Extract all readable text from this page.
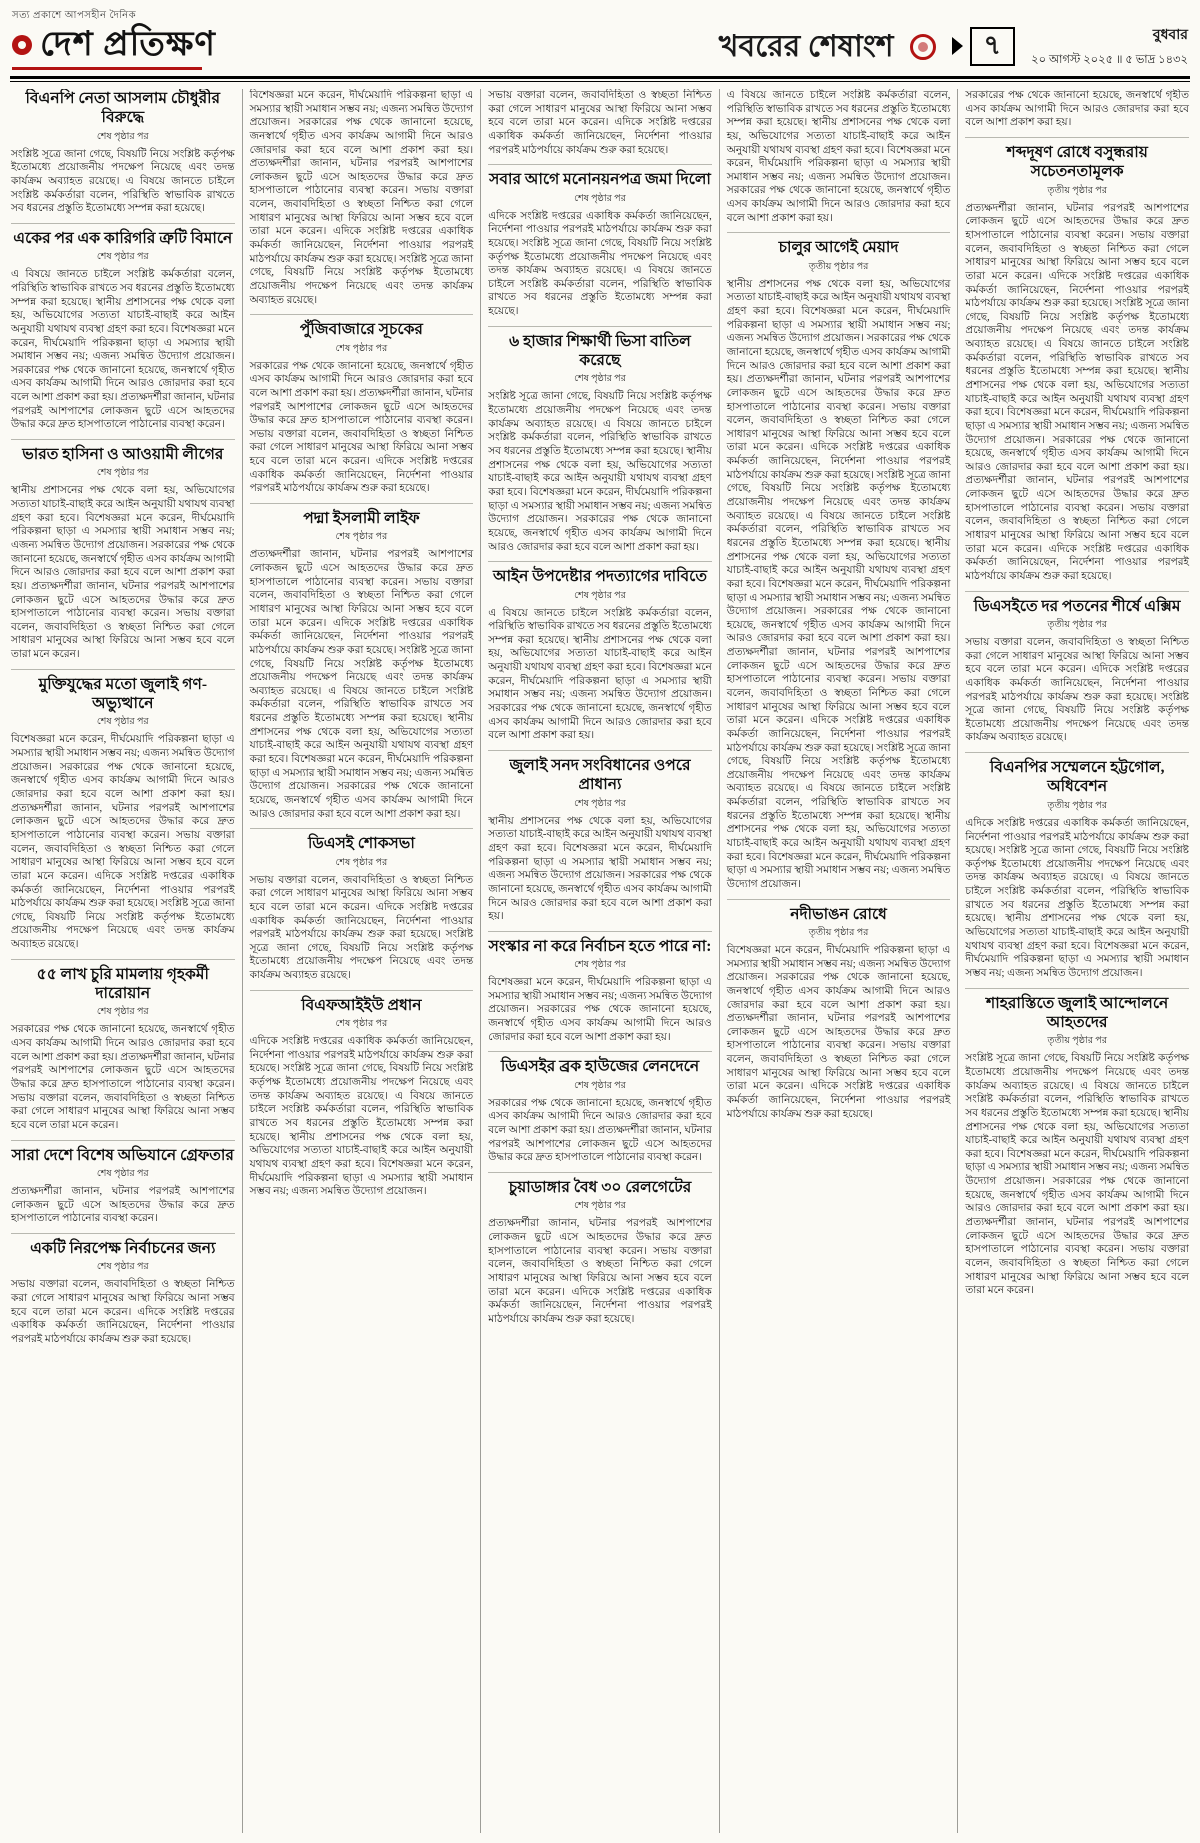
সত্য প্রকাশে আপসহীন দৈনিক
দেশ প্রতিক্ষণ	খবরের শেষাংশ	৭	বুধবার
২০ আগস্ট ২০২৫ ॥ ৫ ভাদ্র ১৪৩২
বিএনপি নেতা আসলাম চৌধুরীর বিরুদ্ধে
শেষ পৃষ্ঠার পর

সংশ্লিষ্ট সূত্রে জানা গেছে, বিষয়টি নিয়ে সংশ্লিষ্ট কর্তৃপক্ষ ইতোমধ্যে প্রয়োজনীয় পদক্ষেপ নিয়েছে এবং তদন্ত কার্যক্রম অব্যাহত রয়েছে। এ বিষয়ে জানতে চাইলে সংশ্লিষ্ট কর্মকর্তারা বলেন, পরিস্থিতি স্বাভাবিক রাখতে সব ধরনের প্রস্তুতি ইতোমধ্যে সম্পন্ন করা হয়েছে।

একের পর এক কারিগরি ত্রুটি বিমানে
শেষ পৃষ্ঠার পর

এ বিষয়ে জানতে চাইলে সংশ্লিষ্ট কর্মকর্তারা বলেন, পরিস্থিতি স্বাভাবিক রাখতে সব ধরনের প্রস্তুতি ইতোমধ্যে সম্পন্ন করা হয়েছে। স্থানীয় প্রশাসনের পক্ষ থেকে বলা হয়, অভিযোগের সত্যতা যাচাই-বাছাই করে আইন অনুযায়ী যথাযথ ব্যবস্থা গ্রহণ করা হবে। বিশেষজ্ঞরা মনে করেন, দীর্ঘমেয়াদি পরিকল্পনা ছাড়া এ সমস্যার স্থায়ী সমাধান সম্ভব নয়; এজন্য সমন্বিত উদ্যোগ প্রয়োজন। সরকারের পক্ষ থেকে জানানো হয়েছে, জনস্বার্থে গৃহীত এসব কার্যক্রম আগামী দিনে আরও জোরদার করা হবে বলে আশা প্রকাশ করা হয়। প্রত্যক্ষদর্শীরা জানান, ঘটনার পরপরই আশপাশের লোকজন ছুটে এসে আহতদের উদ্ধার করে দ্রুত হাসপাতালে পাঠানোর ব্যবস্থা করেন।

ভারত হাসিনা ও আওয়ামী লীগের
শেষ পৃষ্ঠার পর

স্থানীয় প্রশাসনের পক্ষ থেকে বলা হয়, অভিযোগের সত্যতা যাচাই-বাছাই করে আইন অনুযায়ী যথাযথ ব্যবস্থা গ্রহণ করা হবে। বিশেষজ্ঞরা মনে করেন, দীর্ঘমেয়াদি পরিকল্পনা ছাড়া এ সমস্যার স্থায়ী সমাধান সম্ভব নয়; এজন্য সমন্বিত উদ্যোগ প্রয়োজন। সরকারের পক্ষ থেকে জানানো হয়েছে, জনস্বার্থে গৃহীত এসব কার্যক্রম আগামী দিনে আরও জোরদার করা হবে বলে আশা প্রকাশ করা হয়। প্রত্যক্ষদর্শীরা জানান, ঘটনার পরপরই আশপাশের লোকজন ছুটে এসে আহতদের উদ্ধার করে দ্রুত হাসপাতালে পাঠানোর ব্যবস্থা করেন। সভায় বক্তারা বলেন, জবাবদিহিতা ও স্বচ্ছতা নিশ্চিত করা গেলে সাধারণ মানুষের আস্থা ফিরিয়ে আনা সম্ভব হবে বলে তারা মনে করেন।

মুক্তিযুদ্ধের মতো জুলাই গণ-অভ্যুত্থানে
শেষ পৃষ্ঠার পর

বিশেষজ্ঞরা মনে করেন, দীর্ঘমেয়াদি পরিকল্পনা ছাড়া এ সমস্যার স্থায়ী সমাধান সম্ভব নয়; এজন্য সমন্বিত উদ্যোগ প্রয়োজন। সরকারের পক্ষ থেকে জানানো হয়েছে, জনস্বার্থে গৃহীত এসব কার্যক্রম আগামী দিনে আরও জোরদার করা হবে বলে আশা প্রকাশ করা হয়। প্রত্যক্ষদর্শীরা জানান, ঘটনার পরপরই আশপাশের লোকজন ছুটে এসে আহতদের উদ্ধার করে দ্রুত হাসপাতালে পাঠানোর ব্যবস্থা করেন। সভায় বক্তারা বলেন, জবাবদিহিতা ও স্বচ্ছতা নিশ্চিত করা গেলে সাধারণ মানুষের আস্থা ফিরিয়ে আনা সম্ভব হবে বলে তারা মনে করেন। এদিকে সংশ্লিষ্ট দপ্তরের একাধিক কর্মকর্তা জানিয়েছেন, নির্দেশনা পাওয়ার পরপরই মাঠপর্যায়ে কার্যক্রম শুরু করা হয়েছে। সংশ্লিষ্ট সূত্রে জানা গেছে, বিষয়টি নিয়ে সংশ্লিষ্ট কর্তৃপক্ষ ইতোমধ্যে প্রয়োজনীয় পদক্ষেপ নিয়েছে এবং তদন্ত কার্যক্রম অব্যাহত রয়েছে।

৫৫ লাখ চুরি মামলায় গৃহকর্মী দারোয়ান
শেষ পৃষ্ঠার পর

সরকারের পক্ষ থেকে জানানো হয়েছে, জনস্বার্থে গৃহীত এসব কার্যক্রম আগামী দিনে আরও জোরদার করা হবে বলে আশা প্রকাশ করা হয়। প্রত্যক্ষদর্শীরা জানান, ঘটনার পরপরই আশপাশের লোকজন ছুটে এসে আহতদের উদ্ধার করে দ্রুত হাসপাতালে পাঠানোর ব্যবস্থা করেন। সভায় বক্তারা বলেন, জবাবদিহিতা ও স্বচ্ছতা নিশ্চিত করা গেলে সাধারণ মানুষের আস্থা ফিরিয়ে আনা সম্ভব হবে বলে তারা মনে করেন।

সারা দেশে বিশেষ অভিযানে গ্রেফতার
শেষ পৃষ্ঠার পর

প্রত্যক্ষদর্শীরা জানান, ঘটনার পরপরই আশপাশের লোকজন ছুটে এসে আহতদের উদ্ধার করে দ্রুত হাসপাতালে পাঠানোর ব্যবস্থা করেন।

একটি নিরপেক্ষ নির্বাচনের জন্য
শেষ পৃষ্ঠার পর

সভায় বক্তারা বলেন, জবাবদিহিতা ও স্বচ্ছতা নিশ্চিত করা গেলে সাধারণ মানুষের আস্থা ফিরিয়ে আনা সম্ভব হবে বলে তারা মনে করেন। এদিকে সংশ্লিষ্ট দপ্তরের একাধিক কর্মকর্তা জানিয়েছেন, নির্দেশনা পাওয়ার পরপরই মাঠপর্যায়ে কার্যক্রম শুরু করা হয়েছে।

বিশেষজ্ঞরা মনে করেন, দীর্ঘমেয়াদি পরিকল্পনা ছাড়া এ সমস্যার স্থায়ী সমাধান সম্ভব নয়; এজন্য সমন্বিত উদ্যোগ প্রয়োজন। সরকারের পক্ষ থেকে জানানো হয়েছে, জনস্বার্থে গৃহীত এসব কার্যক্রম আগামী দিনে আরও জোরদার করা হবে বলে আশা প্রকাশ করা হয়। প্রত্যক্ষদর্শীরা জানান, ঘটনার পরপরই আশপাশের লোকজন ছুটে এসে আহতদের উদ্ধার করে দ্রুত হাসপাতালে পাঠানোর ব্যবস্থা করেন। সভায় বক্তারা বলেন, জবাবদিহিতা ও স্বচ্ছতা নিশ্চিত করা গেলে সাধারণ মানুষের আস্থা ফিরিয়ে আনা সম্ভব হবে বলে তারা মনে করেন। এদিকে সংশ্লিষ্ট দপ্তরের একাধিক কর্মকর্তা জানিয়েছেন, নির্দেশনা পাওয়ার পরপরই মাঠপর্যায়ে কার্যক্রম শুরু করা হয়েছে। সংশ্লিষ্ট সূত্রে জানা গেছে, বিষয়টি নিয়ে সংশ্লিষ্ট কর্তৃপক্ষ ইতোমধ্যে প্রয়োজনীয় পদক্ষেপ নিয়েছে এবং তদন্ত কার্যক্রম অব্যাহত রয়েছে।

পুঁজিবাজারে সূচকের
শেষ পৃষ্ঠার পর

সরকারের পক্ষ থেকে জানানো হয়েছে, জনস্বার্থে গৃহীত এসব কার্যক্রম আগামী দিনে আরও জোরদার করা হবে বলে আশা প্রকাশ করা হয়। প্রত্যক্ষদর্শীরা জানান, ঘটনার পরপরই আশপাশের লোকজন ছুটে এসে আহতদের উদ্ধার করে দ্রুত হাসপাতালে পাঠানোর ব্যবস্থা করেন। সভায় বক্তারা বলেন, জবাবদিহিতা ও স্বচ্ছতা নিশ্চিত করা গেলে সাধারণ মানুষের আস্থা ফিরিয়ে আনা সম্ভব হবে বলে তারা মনে করেন। এদিকে সংশ্লিষ্ট দপ্তরের একাধিক কর্মকর্তা জানিয়েছেন, নির্দেশনা পাওয়ার পরপরই মাঠপর্যায়ে কার্যক্রম শুরু করা হয়েছে।

পদ্মা ইসলামী লাইফ
শেষ পৃষ্ঠার পর

প্রত্যক্ষদর্শীরা জানান, ঘটনার পরপরই আশপাশের লোকজন ছুটে এসে আহতদের উদ্ধার করে দ্রুত হাসপাতালে পাঠানোর ব্যবস্থা করেন। সভায় বক্তারা বলেন, জবাবদিহিতা ও স্বচ্ছতা নিশ্চিত করা গেলে সাধারণ মানুষের আস্থা ফিরিয়ে আনা সম্ভব হবে বলে তারা মনে করেন। এদিকে সংশ্লিষ্ট দপ্তরের একাধিক কর্মকর্তা জানিয়েছেন, নির্দেশনা পাওয়ার পরপরই মাঠপর্যায়ে কার্যক্রম শুরু করা হয়েছে। সংশ্লিষ্ট সূত্রে জানা গেছে, বিষয়টি নিয়ে সংশ্লিষ্ট কর্তৃপক্ষ ইতোমধ্যে প্রয়োজনীয় পদক্ষেপ নিয়েছে এবং তদন্ত কার্যক্রম অব্যাহত রয়েছে। এ বিষয়ে জানতে চাইলে সংশ্লিষ্ট কর্মকর্তারা বলেন, পরিস্থিতি স্বাভাবিক রাখতে সব ধরনের প্রস্তুতি ইতোমধ্যে সম্পন্ন করা হয়েছে। স্থানীয় প্রশাসনের পক্ষ থেকে বলা হয়, অভিযোগের সত্যতা যাচাই-বাছাই করে আইন অনুযায়ী যথাযথ ব্যবস্থা গ্রহণ করা হবে। বিশেষজ্ঞরা মনে করেন, দীর্ঘমেয়াদি পরিকল্পনা ছাড়া এ সমস্যার স্থায়ী সমাধান সম্ভব নয়; এজন্য সমন্বিত উদ্যোগ প্রয়োজন। সরকারের পক্ষ থেকে জানানো হয়েছে, জনস্বার্থে গৃহীত এসব কার্যক্রম আগামী দিনে আরও জোরদার করা হবে বলে আশা প্রকাশ করা হয়।

ডিএসই শোকসভা
শেষ পৃষ্ঠার পর

সভায় বক্তারা বলেন, জবাবদিহিতা ও স্বচ্ছতা নিশ্চিত করা গেলে সাধারণ মানুষের আস্থা ফিরিয়ে আনা সম্ভব হবে বলে তারা মনে করেন। এদিকে সংশ্লিষ্ট দপ্তরের একাধিক কর্মকর্তা জানিয়েছেন, নির্দেশনা পাওয়ার পরপরই মাঠপর্যায়ে কার্যক্রম শুরু করা হয়েছে। সংশ্লিষ্ট সূত্রে জানা গেছে, বিষয়টি নিয়ে সংশ্লিষ্ট কর্তৃপক্ষ ইতোমধ্যে প্রয়োজনীয় পদক্ষেপ নিয়েছে এবং তদন্ত কার্যক্রম অব্যাহত রয়েছে।

বিএফআইইউ প্রধান
শেষ পৃষ্ঠার পর

এদিকে সংশ্লিষ্ট দপ্তরের একাধিক কর্মকর্তা জানিয়েছেন, নির্দেশনা পাওয়ার পরপরই মাঠপর্যায়ে কার্যক্রম শুরু করা হয়েছে। সংশ্লিষ্ট সূত্রে জানা গেছে, বিষয়টি নিয়ে সংশ্লিষ্ট কর্তৃপক্ষ ইতোমধ্যে প্রয়োজনীয় পদক্ষেপ নিয়েছে এবং তদন্ত কার্যক্রম অব্যাহত রয়েছে। এ বিষয়ে জানতে চাইলে সংশ্লিষ্ট কর্মকর্তারা বলেন, পরিস্থিতি স্বাভাবিক রাখতে সব ধরনের প্রস্তুতি ইতোমধ্যে সম্পন্ন করা হয়েছে। স্থানীয় প্রশাসনের পক্ষ থেকে বলা হয়, অভিযোগের সত্যতা যাচাই-বাছাই করে আইন অনুযায়ী যথাযথ ব্যবস্থা গ্রহণ করা হবে। বিশেষজ্ঞরা মনে করেন, দীর্ঘমেয়াদি পরিকল্পনা ছাড়া এ সমস্যার স্থায়ী সমাধান সম্ভব নয়; এজন্য সমন্বিত উদ্যোগ প্রয়োজন।

সভায় বক্তারা বলেন, জবাবদিহিতা ও স্বচ্ছতা নিশ্চিত করা গেলে সাধারণ মানুষের আস্থা ফিরিয়ে আনা সম্ভব হবে বলে তারা মনে করেন। এদিকে সংশ্লিষ্ট দপ্তরের একাধিক কর্মকর্তা জানিয়েছেন, নির্দেশনা পাওয়ার পরপরই মাঠপর্যায়ে কার্যক্রম শুরু করা হয়েছে।

সবার আগে মনোনয়নপত্র জমা দিলো
শেষ পৃষ্ঠার পর

এদিকে সংশ্লিষ্ট দপ্তরের একাধিক কর্মকর্তা জানিয়েছেন, নির্দেশনা পাওয়ার পরপরই মাঠপর্যায়ে কার্যক্রম শুরু করা হয়েছে। সংশ্লিষ্ট সূত্রে জানা গেছে, বিষয়টি নিয়ে সংশ্লিষ্ট কর্তৃপক্ষ ইতোমধ্যে প্রয়োজনীয় পদক্ষেপ নিয়েছে এবং তদন্ত কার্যক্রম অব্যাহত রয়েছে। এ বিষয়ে জানতে চাইলে সংশ্লিষ্ট কর্মকর্তারা বলেন, পরিস্থিতি স্বাভাবিক রাখতে সব ধরনের প্রস্তুতি ইতোমধ্যে সম্পন্ন করা হয়েছে।

৬ হাজার শিক্ষার্থী ভিসা বাতিল করেছে
শেষ পৃষ্ঠার পর

সংশ্লিষ্ট সূত্রে জানা গেছে, বিষয়টি নিয়ে সংশ্লিষ্ট কর্তৃপক্ষ ইতোমধ্যে প্রয়োজনীয় পদক্ষেপ নিয়েছে এবং তদন্ত কার্যক্রম অব্যাহত রয়েছে। এ বিষয়ে জানতে চাইলে সংশ্লিষ্ট কর্মকর্তারা বলেন, পরিস্থিতি স্বাভাবিক রাখতে সব ধরনের প্রস্তুতি ইতোমধ্যে সম্পন্ন করা হয়েছে। স্থানীয় প্রশাসনের পক্ষ থেকে বলা হয়, অভিযোগের সত্যতা যাচাই-বাছাই করে আইন অনুযায়ী যথাযথ ব্যবস্থা গ্রহণ করা হবে। বিশেষজ্ঞরা মনে করেন, দীর্ঘমেয়াদি পরিকল্পনা ছাড়া এ সমস্যার স্থায়ী সমাধান সম্ভব নয়; এজন্য সমন্বিত উদ্যোগ প্রয়োজন। সরকারের পক্ষ থেকে জানানো হয়েছে, জনস্বার্থে গৃহীত এসব কার্যক্রম আগামী দিনে আরও জোরদার করা হবে বলে আশা প্রকাশ করা হয়।

আইন উপদেষ্টার পদত্যাগের দাবিতে
শেষ পৃষ্ঠার পর

এ বিষয়ে জানতে চাইলে সংশ্লিষ্ট কর্মকর্তারা বলেন, পরিস্থিতি স্বাভাবিক রাখতে সব ধরনের প্রস্তুতি ইতোমধ্যে সম্পন্ন করা হয়েছে। স্থানীয় প্রশাসনের পক্ষ থেকে বলা হয়, অভিযোগের সত্যতা যাচাই-বাছাই করে আইন অনুযায়ী যথাযথ ব্যবস্থা গ্রহণ করা হবে। বিশেষজ্ঞরা মনে করেন, দীর্ঘমেয়াদি পরিকল্পনা ছাড়া এ সমস্যার স্থায়ী সমাধান সম্ভব নয়; এজন্য সমন্বিত উদ্যোগ প্রয়োজন। সরকারের পক্ষ থেকে জানানো হয়েছে, জনস্বার্থে গৃহীত এসব কার্যক্রম আগামী দিনে আরও জোরদার করা হবে বলে আশা প্রকাশ করা হয়।

জুলাই সনদ সংবিধানের ওপরে প্রাধান্য
শেষ পৃষ্ঠার পর

স্থানীয় প্রশাসনের পক্ষ থেকে বলা হয়, অভিযোগের সত্যতা যাচাই-বাছাই করে আইন অনুযায়ী যথাযথ ব্যবস্থা গ্রহণ করা হবে। বিশেষজ্ঞরা মনে করেন, দীর্ঘমেয়াদি পরিকল্পনা ছাড়া এ সমস্যার স্থায়ী সমাধান সম্ভব নয়; এজন্য সমন্বিত উদ্যোগ প্রয়োজন। সরকারের পক্ষ থেকে জানানো হয়েছে, জনস্বার্থে গৃহীত এসব কার্যক্রম আগামী দিনে আরও জোরদার করা হবে বলে আশা প্রকাশ করা হয়।

সংস্কার না করে নির্বাচন হতে পারে না:
শেষ পৃষ্ঠার পর

বিশেষজ্ঞরা মনে করেন, দীর্ঘমেয়াদি পরিকল্পনা ছাড়া এ সমস্যার স্থায়ী সমাধান সম্ভব নয়; এজন্য সমন্বিত উদ্যোগ প্রয়োজন। সরকারের পক্ষ থেকে জানানো হয়েছে, জনস্বার্থে গৃহীত এসব কার্যক্রম আগামী দিনে আরও জোরদার করা হবে বলে আশা প্রকাশ করা হয়।

ডিএসইর ব্রক হাউজের লেনদেনে
শেষ পৃষ্ঠার পর

সরকারের পক্ষ থেকে জানানো হয়েছে, জনস্বার্থে গৃহীত এসব কার্যক্রম আগামী দিনে আরও জোরদার করা হবে বলে আশা প্রকাশ করা হয়। প্রত্যক্ষদর্শীরা জানান, ঘটনার পরপরই আশপাশের লোকজন ছুটে এসে আহতদের উদ্ধার করে দ্রুত হাসপাতালে পাঠানোর ব্যবস্থা করেন।

চুয়াডাঙ্গার বৈধ ৩০ রেলগেটের
শেষ পৃষ্ঠার পর

প্রত্যক্ষদর্শীরা জানান, ঘটনার পরপরই আশপাশের লোকজন ছুটে এসে আহতদের উদ্ধার করে দ্রুত হাসপাতালে পাঠানোর ব্যবস্থা করেন। সভায় বক্তারা বলেন, জবাবদিহিতা ও স্বচ্ছতা নিশ্চিত করা গেলে সাধারণ মানুষের আস্থা ফিরিয়ে আনা সম্ভব হবে বলে তারা মনে করেন। এদিকে সংশ্লিষ্ট দপ্তরের একাধিক কর্মকর্তা জানিয়েছেন, নির্দেশনা পাওয়ার পরপরই মাঠপর্যায়ে কার্যক্রম শুরু করা হয়েছে।

এ বিষয়ে জানতে চাইলে সংশ্লিষ্ট কর্মকর্তারা বলেন, পরিস্থিতি স্বাভাবিক রাখতে সব ধরনের প্রস্তুতি ইতোমধ্যে সম্পন্ন করা হয়েছে। স্থানীয় প্রশাসনের পক্ষ থেকে বলা হয়, অভিযোগের সত্যতা যাচাই-বাছাই করে আইন অনুযায়ী যথাযথ ব্যবস্থা গ্রহণ করা হবে। বিশেষজ্ঞরা মনে করেন, দীর্ঘমেয়াদি পরিকল্পনা ছাড়া এ সমস্যার স্থায়ী সমাধান সম্ভব নয়; এজন্য সমন্বিত উদ্যোগ প্রয়োজন। সরকারের পক্ষ থেকে জানানো হয়েছে, জনস্বার্থে গৃহীত এসব কার্যক্রম আগামী দিনে আরও জোরদার করা হবে বলে আশা প্রকাশ করা হয়।

চালুর আগেই মেয়াদ
তৃতীয় পৃষ্ঠার পর

স্থানীয় প্রশাসনের পক্ষ থেকে বলা হয়, অভিযোগের সত্যতা যাচাই-বাছাই করে আইন অনুযায়ী যথাযথ ব্যবস্থা গ্রহণ করা হবে। বিশেষজ্ঞরা মনে করেন, দীর্ঘমেয়াদি পরিকল্পনা ছাড়া এ সমস্যার স্থায়ী সমাধান সম্ভব নয়; এজন্য সমন্বিত উদ্যোগ প্রয়োজন। সরকারের পক্ষ থেকে জানানো হয়েছে, জনস্বার্থে গৃহীত এসব কার্যক্রম আগামী দিনে আরও জোরদার করা হবে বলে আশা প্রকাশ করা হয়। প্রত্যক্ষদর্শীরা জানান, ঘটনার পরপরই আশপাশের লোকজন ছুটে এসে আহতদের উদ্ধার করে দ্রুত হাসপাতালে পাঠানোর ব্যবস্থা করেন। সভায় বক্তারা বলেন, জবাবদিহিতা ও স্বচ্ছতা নিশ্চিত করা গেলে সাধারণ মানুষের আস্থা ফিরিয়ে আনা সম্ভব হবে বলে তারা মনে করেন। এদিকে সংশ্লিষ্ট দপ্তরের একাধিক কর্মকর্তা জানিয়েছেন, নির্দেশনা পাওয়ার পরপরই মাঠপর্যায়ে কার্যক্রম শুরু করা হয়েছে। সংশ্লিষ্ট সূত্রে জানা গেছে, বিষয়টি নিয়ে সংশ্লিষ্ট কর্তৃপক্ষ ইতোমধ্যে প্রয়োজনীয় পদক্ষেপ নিয়েছে এবং তদন্ত কার্যক্রম অব্যাহত রয়েছে। এ বিষয়ে জানতে চাইলে সংশ্লিষ্ট কর্মকর্তারা বলেন, পরিস্থিতি স্বাভাবিক রাখতে সব ধরনের প্রস্তুতি ইতোমধ্যে সম্পন্ন করা হয়েছে। স্থানীয় প্রশাসনের পক্ষ থেকে বলা হয়, অভিযোগের সত্যতা যাচাই-বাছাই করে আইন অনুযায়ী যথাযথ ব্যবস্থা গ্রহণ করা হবে। বিশেষজ্ঞরা মনে করেন, দীর্ঘমেয়াদি পরিকল্পনা ছাড়া এ সমস্যার স্থায়ী সমাধান সম্ভব নয়; এজন্য সমন্বিত উদ্যোগ প্রয়োজন। সরকারের পক্ষ থেকে জানানো হয়েছে, জনস্বার্থে গৃহীত এসব কার্যক্রম আগামী দিনে আরও জোরদার করা হবে বলে আশা প্রকাশ করা হয়। প্রত্যক্ষদর্শীরা জানান, ঘটনার পরপরই আশপাশের লোকজন ছুটে এসে আহতদের উদ্ধার করে দ্রুত হাসপাতালে পাঠানোর ব্যবস্থা করেন। সভায় বক্তারা বলেন, জবাবদিহিতা ও স্বচ্ছতা নিশ্চিত করা গেলে সাধারণ মানুষের আস্থা ফিরিয়ে আনা সম্ভব হবে বলে তারা মনে করেন। এদিকে সংশ্লিষ্ট দপ্তরের একাধিক কর্মকর্তা জানিয়েছেন, নির্দেশনা পাওয়ার পরপরই মাঠপর্যায়ে কার্যক্রম শুরু করা হয়েছে। সংশ্লিষ্ট সূত্রে জানা গেছে, বিষয়টি নিয়ে সংশ্লিষ্ট কর্তৃপক্ষ ইতোমধ্যে প্রয়োজনীয় পদক্ষেপ নিয়েছে এবং তদন্ত কার্যক্রম অব্যাহত রয়েছে। এ বিষয়ে জানতে চাইলে সংশ্লিষ্ট কর্মকর্তারা বলেন, পরিস্থিতি স্বাভাবিক রাখতে সব ধরনের প্রস্তুতি ইতোমধ্যে সম্পন্ন করা হয়েছে। স্থানীয় প্রশাসনের পক্ষ থেকে বলা হয়, অভিযোগের সত্যতা যাচাই-বাছাই করে আইন অনুযায়ী যথাযথ ব্যবস্থা গ্রহণ করা হবে। বিশেষজ্ঞরা মনে করেন, দীর্ঘমেয়াদি পরিকল্পনা ছাড়া এ সমস্যার স্থায়ী সমাধান সম্ভব নয়; এজন্য সমন্বিত উদ্যোগ প্রয়োজন।

নদীভাঙন রোধে
তৃতীয় পৃষ্ঠার পর

বিশেষজ্ঞরা মনে করেন, দীর্ঘমেয়াদি পরিকল্পনা ছাড়া এ সমস্যার স্থায়ী সমাধান সম্ভব নয়; এজন্য সমন্বিত উদ্যোগ প্রয়োজন। সরকারের পক্ষ থেকে জানানো হয়েছে, জনস্বার্থে গৃহীত এসব কার্যক্রম আগামী দিনে আরও জোরদার করা হবে বলে আশা প্রকাশ করা হয়। প্রত্যক্ষদর্শীরা জানান, ঘটনার পরপরই আশপাশের লোকজন ছুটে এসে আহতদের উদ্ধার করে দ্রুত হাসপাতালে পাঠানোর ব্যবস্থা করেন। সভায় বক্তারা বলেন, জবাবদিহিতা ও স্বচ্ছতা নিশ্চিত করা গেলে সাধারণ মানুষের আস্থা ফিরিয়ে আনা সম্ভব হবে বলে তারা মনে করেন। এদিকে সংশ্লিষ্ট দপ্তরের একাধিক কর্মকর্তা জানিয়েছেন, নির্দেশনা পাওয়ার পরপরই মাঠপর্যায়ে কার্যক্রম শুরু করা হয়েছে।

সরকারের পক্ষ থেকে জানানো হয়েছে, জনস্বার্থে গৃহীত এসব কার্যক্রম আগামী দিনে আরও জোরদার করা হবে বলে আশা প্রকাশ করা হয়।

শব্দদূষণ রোধে বসুন্ধরায় সচেতনতামূলক
তৃতীয় পৃষ্ঠার পর

প্রত্যক্ষদর্শীরা জানান, ঘটনার পরপরই আশপাশের লোকজন ছুটে এসে আহতদের উদ্ধার করে দ্রুত হাসপাতালে পাঠানোর ব্যবস্থা করেন। সভায় বক্তারা বলেন, জবাবদিহিতা ও স্বচ্ছতা নিশ্চিত করা গেলে সাধারণ মানুষের আস্থা ফিরিয়ে আনা সম্ভব হবে বলে তারা মনে করেন। এদিকে সংশ্লিষ্ট দপ্তরের একাধিক কর্মকর্তা জানিয়েছেন, নির্দেশনা পাওয়ার পরপরই মাঠপর্যায়ে কার্যক্রম শুরু করা হয়েছে। সংশ্লিষ্ট সূত্রে জানা গেছে, বিষয়টি নিয়ে সংশ্লিষ্ট কর্তৃপক্ষ ইতোমধ্যে প্রয়োজনীয় পদক্ষেপ নিয়েছে এবং তদন্ত কার্যক্রম অব্যাহত রয়েছে। এ বিষয়ে জানতে চাইলে সংশ্লিষ্ট কর্মকর্তারা বলেন, পরিস্থিতি স্বাভাবিক রাখতে সব ধরনের প্রস্তুতি ইতোমধ্যে সম্পন্ন করা হয়েছে। স্থানীয় প্রশাসনের পক্ষ থেকে বলা হয়, অভিযোগের সত্যতা যাচাই-বাছাই করে আইন অনুযায়ী যথাযথ ব্যবস্থা গ্রহণ করা হবে। বিশেষজ্ঞরা মনে করেন, দীর্ঘমেয়াদি পরিকল্পনা ছাড়া এ সমস্যার স্থায়ী সমাধান সম্ভব নয়; এজন্য সমন্বিত উদ্যোগ প্রয়োজন। সরকারের পক্ষ থেকে জানানো হয়েছে, জনস্বার্থে গৃহীত এসব কার্যক্রম আগামী দিনে আরও জোরদার করা হবে বলে আশা প্রকাশ করা হয়। প্রত্যক্ষদর্শীরা জানান, ঘটনার পরপরই আশপাশের লোকজন ছুটে এসে আহতদের উদ্ধার করে দ্রুত হাসপাতালে পাঠানোর ব্যবস্থা করেন। সভায় বক্তারা বলেন, জবাবদিহিতা ও স্বচ্ছতা নিশ্চিত করা গেলে সাধারণ মানুষের আস্থা ফিরিয়ে আনা সম্ভব হবে বলে তারা মনে করেন। এদিকে সংশ্লিষ্ট দপ্তরের একাধিক কর্মকর্তা জানিয়েছেন, নির্দেশনা পাওয়ার পরপরই মাঠপর্যায়ে কার্যক্রম শুরু করা হয়েছে।

ডিএসইতে দর পতনের শীর্ষে এক্সিম
তৃতীয় পৃষ্ঠার পর

সভায় বক্তারা বলেন, জবাবদিহিতা ও স্বচ্ছতা নিশ্চিত করা গেলে সাধারণ মানুষের আস্থা ফিরিয়ে আনা সম্ভব হবে বলে তারা মনে করেন। এদিকে সংশ্লিষ্ট দপ্তরের একাধিক কর্মকর্তা জানিয়েছেন, নির্দেশনা পাওয়ার পরপরই মাঠপর্যায়ে কার্যক্রম শুরু করা হয়েছে। সংশ্লিষ্ট সূত্রে জানা গেছে, বিষয়টি নিয়ে সংশ্লিষ্ট কর্তৃপক্ষ ইতোমধ্যে প্রয়োজনীয় পদক্ষেপ নিয়েছে এবং তদন্ত কার্যক্রম অব্যাহত রয়েছে।

বিএনপির সম্মেলনে হট্টগোল, অধিবেশন
তৃতীয় পৃষ্ঠার পর

এদিকে সংশ্লিষ্ট দপ্তরের একাধিক কর্মকর্তা জানিয়েছেন, নির্দেশনা পাওয়ার পরপরই মাঠপর্যায়ে কার্যক্রম শুরু করা হয়েছে। সংশ্লিষ্ট সূত্রে জানা গেছে, বিষয়টি নিয়ে সংশ্লিষ্ট কর্তৃপক্ষ ইতোমধ্যে প্রয়োজনীয় পদক্ষেপ নিয়েছে এবং তদন্ত কার্যক্রম অব্যাহত রয়েছে। এ বিষয়ে জানতে চাইলে সংশ্লিষ্ট কর্মকর্তারা বলেন, পরিস্থিতি স্বাভাবিক রাখতে সব ধরনের প্রস্তুতি ইতোমধ্যে সম্পন্ন করা হয়েছে। স্থানীয় প্রশাসনের পক্ষ থেকে বলা হয়, অভিযোগের সত্যতা যাচাই-বাছাই করে আইন অনুযায়ী যথাযথ ব্যবস্থা গ্রহণ করা হবে। বিশেষজ্ঞরা মনে করেন, দীর্ঘমেয়াদি পরিকল্পনা ছাড়া এ সমস্যার স্থায়ী সমাধান সম্ভব নয়; এজন্য সমন্বিত উদ্যোগ প্রয়োজন।

শাহরাস্তিতে জুলাই আন্দোলনে আহতদের
তৃতীয় পৃষ্ঠার পর

সংশ্লিষ্ট সূত্রে জানা গেছে, বিষয়টি নিয়ে সংশ্লিষ্ট কর্তৃপক্ষ ইতোমধ্যে প্রয়োজনীয় পদক্ষেপ নিয়েছে এবং তদন্ত কার্যক্রম অব্যাহত রয়েছে। এ বিষয়ে জানতে চাইলে সংশ্লিষ্ট কর্মকর্তারা বলেন, পরিস্থিতি স্বাভাবিক রাখতে সব ধরনের প্রস্তুতি ইতোমধ্যে সম্পন্ন করা হয়েছে। স্থানীয় প্রশাসনের পক্ষ থেকে বলা হয়, অভিযোগের সত্যতা যাচাই-বাছাই করে আইন অনুযায়ী যথাযথ ব্যবস্থা গ্রহণ করা হবে। বিশেষজ্ঞরা মনে করেন, দীর্ঘমেয়াদি পরিকল্পনা ছাড়া এ সমস্যার স্থায়ী সমাধান সম্ভব নয়; এজন্য সমন্বিত উদ্যোগ প্রয়োজন। সরকারের পক্ষ থেকে জানানো হয়েছে, জনস্বার্থে গৃহীত এসব কার্যক্রম আগামী দিনে আরও জোরদার করা হবে বলে আশা প্রকাশ করা হয়। প্রত্যক্ষদর্শীরা জানান, ঘটনার পরপরই আশপাশের লোকজন ছুটে এসে আহতদের উদ্ধার করে দ্রুত হাসপাতালে পাঠানোর ব্যবস্থা করেন। সভায় বক্তারা বলেন, জবাবদিহিতা ও স্বচ্ছতা নিশ্চিত করা গেলে সাধারণ মানুষের আস্থা ফিরিয়ে আনা সম্ভব হবে বলে তারা মনে করেন।
